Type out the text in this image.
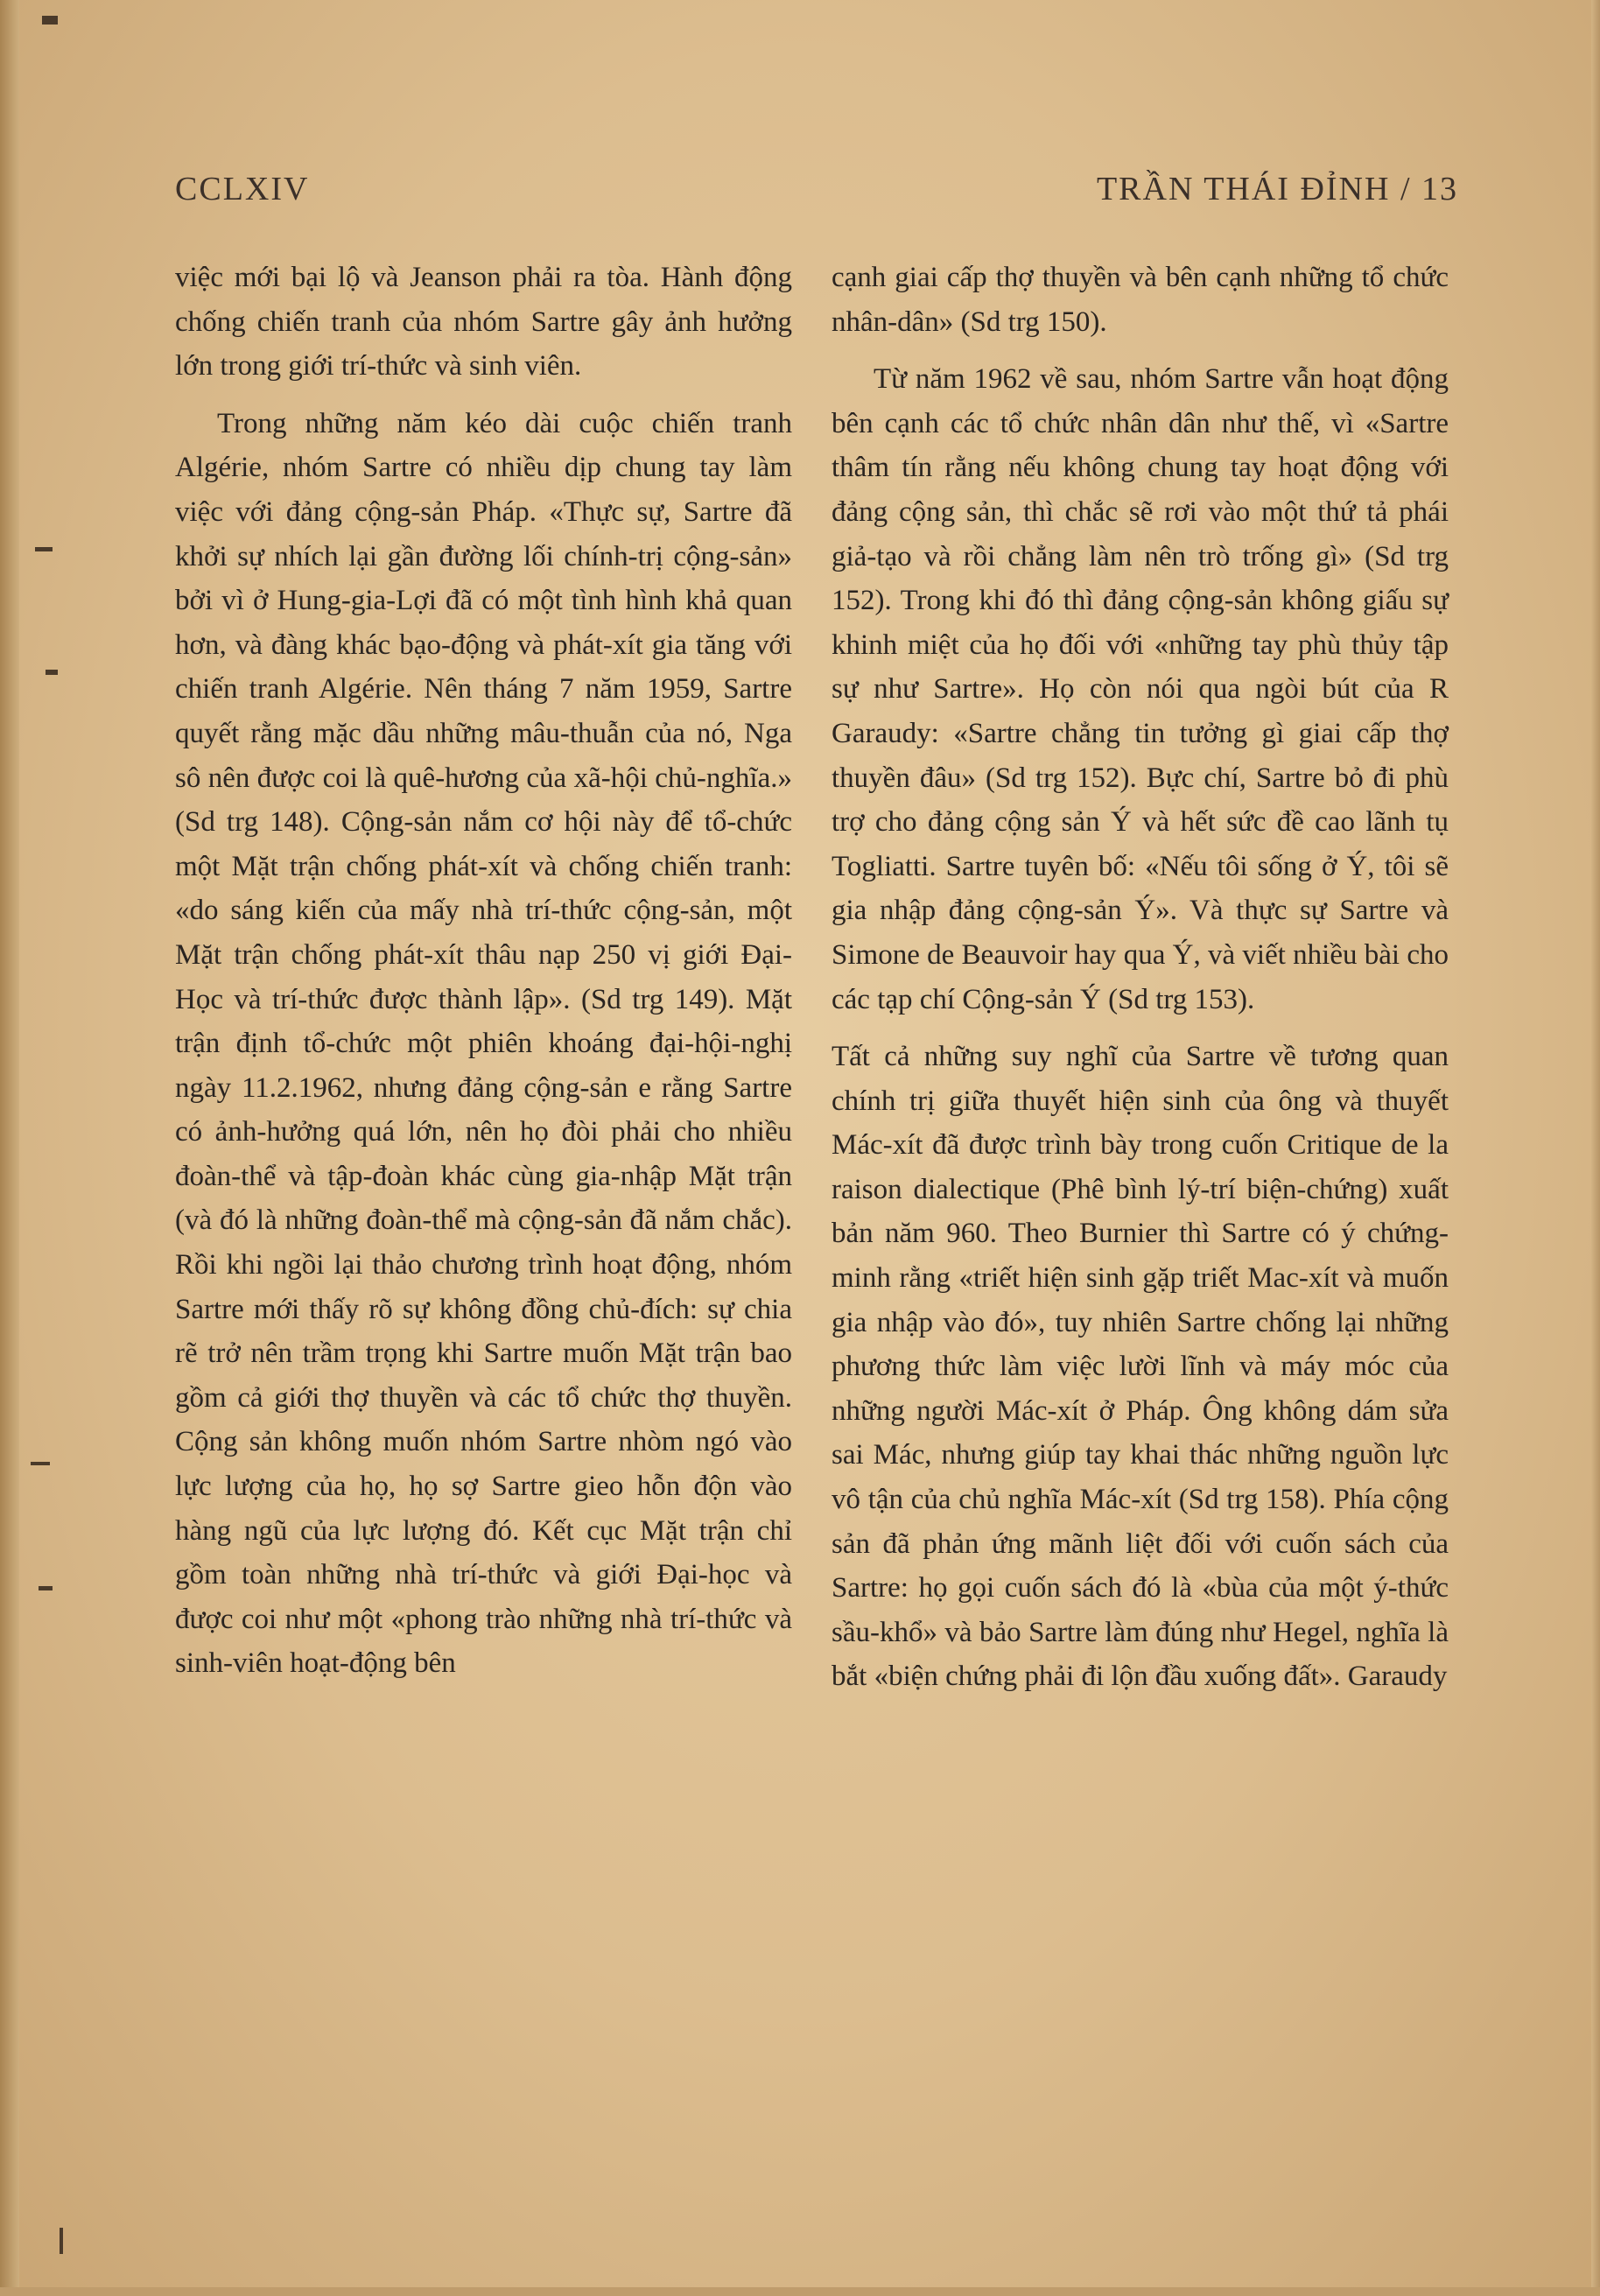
CCLXIV	TRẦN THÁI ĐỈNH / 13

việc mới bại lộ và Jeanson phải ra tòa. Hành động chống chiến tranh của nhóm Sartre gây ảnh hưởng lớn trong giới trí-thức và sinh viên.

Trong những năm kéo dài cuộc chiến tranh Algérie, nhóm Sartre có nhiều dịp chung tay làm việc với đảng cộng-sản Pháp. «Thực sự, Sartre đã khởi sự nhích lại gần đường lối chính-trị cộng-sản» bởi vì ở Hung-gia-Lợi đã có một tình hình khả quan hơn, và đàng khác bạo-động và phát-xít gia tăng với chiến tranh Algérie. Nên tháng 7 năm 1959, Sartre quyết rằng mặc dầu những mâu-thuẫn của nó, Nga sô nên được coi là quê-hương của xã-hội chủ-nghĩa.» (Sd trg 148). Cộng-sản nắm cơ hội này để tổ-chức một Mặt trận chống phát-xít và chống chiến tranh: «do sáng kiến của mấy nhà trí-thức cộng-sản, một Mặt trận chống phát-xít thâu nạp 250 vị giới Đại-Học và trí-thức được thành lập». (Sd trg 149). Mặt trận định tổ-chức một phiên khoáng đại-hội-nghị ngày 11.2.1962, nhưng đảng cộng-sản e rằng Sartre có ảnh-hưởng quá lớn, nên họ đòi phải cho nhiều đoàn-thể và tập-đoàn khác cùng gia-nhập Mặt trận (và đó là những đoàn-thể mà cộng-sản đã nắm chắc). Rồi khi ngồi lại thảo chương trình hoạt động, nhóm Sartre mới thấy rõ sự không đồng chủ-đích: sự chia rẽ trở nên trầm trọng khi Sartre muốn Mặt trận bao gồm cả giới thợ thuyền và các tổ chức thợ thuyền. Cộng sản không muốn nhóm Sartre nhòm ngó vào lực lượng của họ, họ sợ Sartre gieo hỗn độn vào hàng ngũ của lực lượng đó. Kết cục Mặt trận chỉ gồm toàn những nhà trí-thức và giới Đại-học và được coi như một «phong trào những nhà trí-thức và sinh-viên hoạt-động bên

cạnh giai cấp thợ thuyền và bên cạnh những tổ chức nhân-dân» (Sd trg 150).

Từ năm 1962 về sau, nhóm Sartre vẫn hoạt động bên cạnh các tổ chức nhân dân như thế, vì «Sartre thâm tín rằng nếu không chung tay hoạt động với đảng cộng sản, thì chắc sẽ rơi vào một thứ tả phái giả-tạo và rồi chẳng làm nên trò trống gì» (Sd trg 152). Trong khi đó thì đảng cộng-sản không giấu sự khinh miệt của họ đối với «những tay phù thủy tập sự như Sartre». Họ còn nói qua ngòi bút của R Garaudy: «Sartre chẳng tin tưởng gì giai cấp thợ thuyền đâu» (Sd trg 152). Bực chí, Sartre bỏ đi phù trợ cho đảng cộng sản Ý và hết sức đề cao lãnh tụ Togliatti. Sartre tuyên bố: «Nếu tôi sống ở Ý, tôi sẽ gia nhập đảng cộng-sản Ý». Và thực sự Sartre và Simone de Beauvoir hay qua Ý, và viết nhiều bài cho các tạp chí Cộng-sản Ý (Sd trg 153).

Tất cả những suy nghĩ của Sartre về tương quan chính trị giữa thuyết hiện sinh của ông và thuyết Mác-xít đã được trình bày trong cuốn Critique de la raison dialectique (Phê bình lý-trí biện-chứng) xuất bản năm 960. Theo Burnier thì Sartre có ý chứng-minh rằng «triết hiện sinh gặp triết Mac-xít và muốn gia nhập vào đó», tuy nhiên Sartre chống lại những phương thức làm việc lười lĩnh và máy móc của những người Mác-xít ở Pháp. Ông không dám sửa sai Mác, nhưng giúp tay khai thác những nguồn lực vô tận của chủ nghĩa Mác-xít (Sd trg 158). Phía cộng sản đã phản ứng mãnh liệt đối với cuốn sách của Sartre: họ gọi cuốn sách đó là «bùa của một ý-thức sầu-khổ» và bảo Sartre làm đúng như Hegel, nghĩa là bắt «biện chứng phải đi lộn đầu xuống đất». Garaudy
